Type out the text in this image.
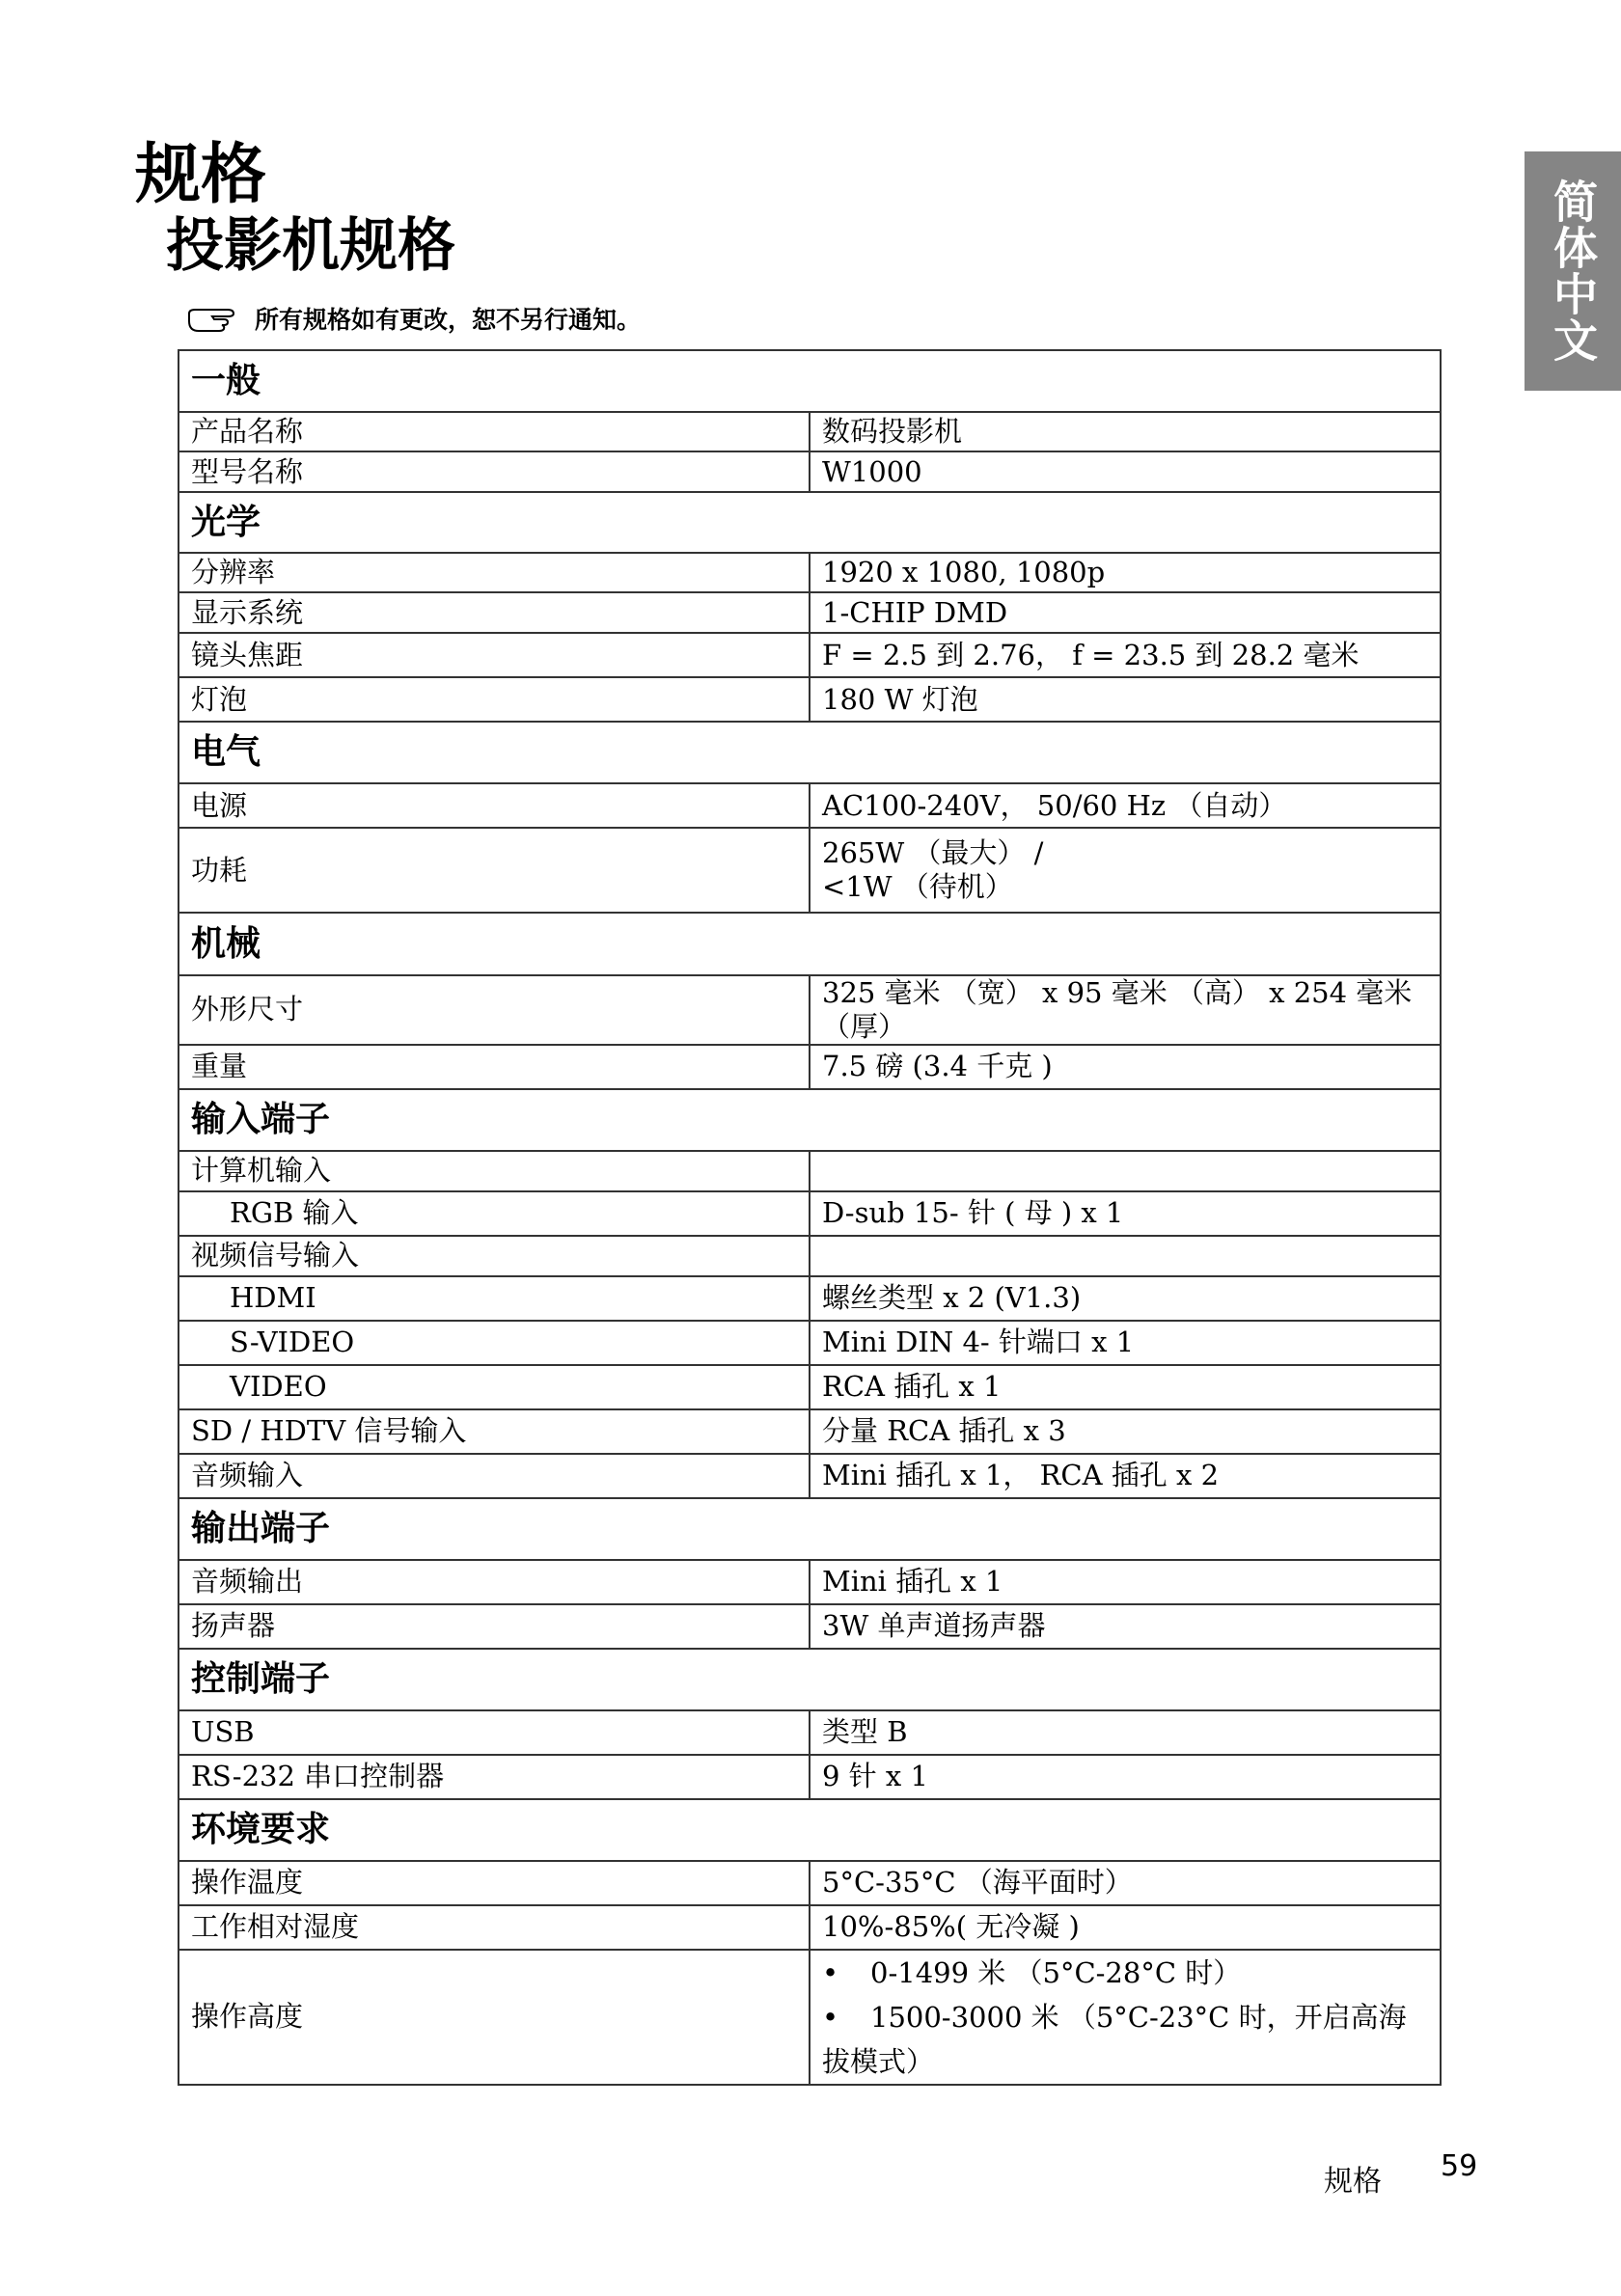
规格
投影机规格	简体中文
所有规格如有更改，恕不另行通知。
一般	
产品名称	数码投影机
型号名称	W1000
光学	
分辨率	1920 x 1080, 1080p
显示系统	1-CHIP DMD
镜头焦距	F = 2.5 到 2.76， f = 23.5 到 28.2 毫米
灯泡	180 W 灯泡
电气	
电源	AC100-240V， 50/60 Hz （自动）
功耗	265W （最大） /
<1W （待机）

机械	
外形尺寸	325 毫米 （宽） x 95 毫米 （高） x 254 毫米 （厚）
重量	7.5 磅 (3.4 千克 )
输入端子	
计算机输入	
RGB 输入	D-sub 15- 针 ( 母 ) x 1
视频信号输入	
HDMI	螺丝类型 x 2 (V1.3)
S-VIDEO	Mini DIN 4- 针端口 x 1
VIDEO	RCA 插孔 x 1
SD / HDTV 信号输入	分量 RCA 插孔 x 3
音频输入	Mini 插孔 x 1， RCA 插孔 x 2
输出端子	
音频输出	Mini 插孔 x 1
扬声器	3W 单声道扬声器
控制端子	
USB	类型 B
RS-232 串口控制器	9 针 x 1
环境要求	
操作温度	5°C-35°C （海平面时）
工作相对湿度	10%-85%( 无冷凝 )
操作高度	• 0-1499 米 （5°C-28°C 时）
• 1500-3000 米 （5°C-23°C 时，开启高海拔模式）
规格 59
